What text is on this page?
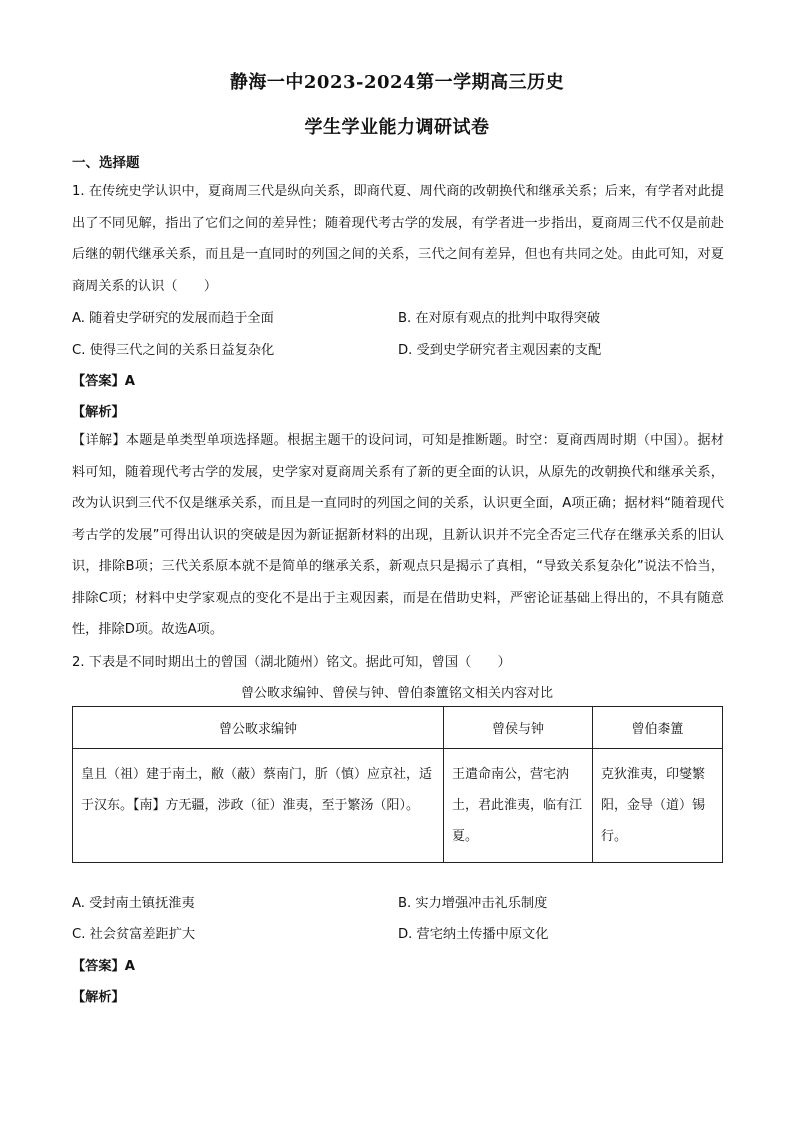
静海一中2023-2024第一学期高三历史
学生学业能力调研试卷
一、选择题
1. 在传统史学认识中，夏商周三代是纵向关系，即商代夏、周代商的改朝换代和继承关系；后来，有学者对此提出了不同见解，指出了它们之间的差异性；随着现代考古学的发展，有学者进一步指出，夏商周三代不仅是前赴后继的朝代继承关系，而且是一直同时的列国之间的关系，三代之间有差异，但也有共同之处。由此可知，对夏商周关系的认识（　　）
A. 随着史学研究的发展而趋于全面	B. 在对原有观点的批判中取得突破
C. 使得三代之间的关系日益复杂化	D. 受到史学研究者主观因素的支配
【答案】A
【解析】
【详解】本题是单类型单项选择题。根据主题干的设问词，可知是推断题。时空：夏商西周时期（中国）。据材料可知，随着现代考古学的发展，史学家对夏商周关系有了新的更全面的认识，从原先的改朝换代和继承关系，改为认识到三代不仅是继承关系，而且是一直同时的列国之间的关系，认识更全面，A项正确；据材料“随着现代考古学的发展”可得出认识的突破是因为新证据新材料的出现，且新认识并不完全否定三代存在继承关系的旧认识，排除B项；三代关系原本就不是简单的继承关系，新观点只是揭示了真相，“导致关系复杂化”说法不恰当，排除C项；材料中史学家观点的变化不是出于主观因素，而是在借助史料，严密论证基础上得出的，不具有随意性，排除D项。故选A项。
2. 下表是不同时期出土的曾国（湖北随州）铭文。据此可知，曾国（　　）
曾公畋求编钟、曾侯与钟、曾伯桼簠铭文相关内容对比
曾公畋求编钟	曾侯与钟	曾伯桼簠
皇且（祖）建于南土，敝（蔽）蔡南门，肵（慎）应京社，适于汉东。【南】方无疆，涉政（征）淮夷，至于繁汤（阳）。	王遣命南公，营宅汭土，君此淮夷，临有江夏。	克狄淮夷，印燮繁阳，金导（道）锡行。
A. 受封南土镇抚淮夷	B. 实力增强冲击礼乐制度
C. 社会贫富差距扩大	D. 营宅纳土传播中原文化
【答案】A
【解析】
